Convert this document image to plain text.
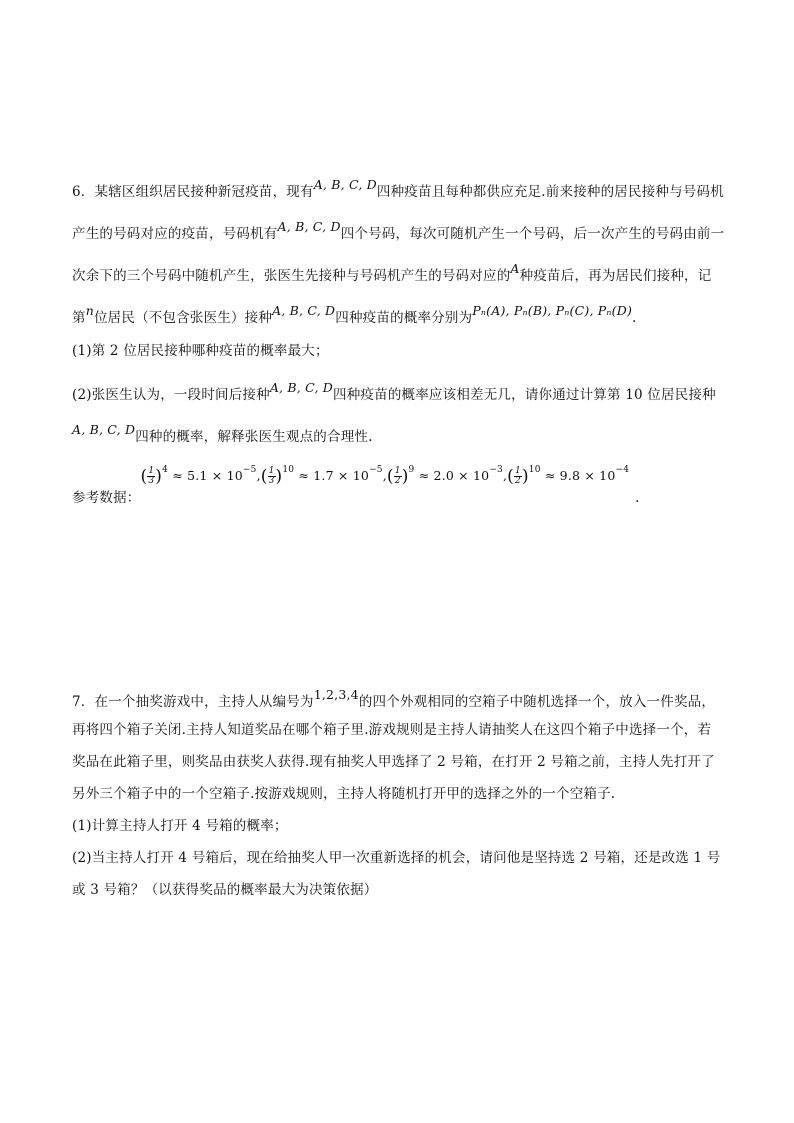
6．某辖区组织居民接种新冠疫苗，现有A, B, C, D四种疫苗且每种都供应充足.前来接种的居民接种与号码机
产生的号码对应的疫苗，号码机有A, B, C, D四个号码，每次可随机产生一个号码，后一次产生的号码由前一
次余下的三个号码中随机产生，张医生先接种与号码机产生的号码对应的A种疫苗后，再为居民们接种，记
第n位居民（不包含张医生）接种A, B, C, D四种疫苗的概率分别为Pₙ(A), Pₙ(B), Pₙ(C), Pₙ(D).
(1)第 2 位居民接种哪种疫苗的概率最大；
(2)张医生认为，一段时间后接种A, B, C, D四种疫苗的概率应该相差无几，请你通过计算第 10 位居民接种
A, B, C, D四种的概率，解释张医生观点的合理性.
参考数据：( $\frac{1}{3} )^4 \approx 5.1 \times 10^{-5},( \frac{1}{3} )^{10} \approx 1.7 \times 10^{-5},( \frac{1}{2} )^9 \approx 2.0 \times 10^{-3},( \frac{1}{2} )^{10} \approx 9.8 \times 10^{-4}$.
7．在一个抽奖游戏中，主持人从编号为1,2,3,4的四个外观相同的空箱子中随机选择一个，放入一件奖品，
再将四个箱子关闭.主持人知道奖品在哪个箱子里.游戏规则是主持人请抽奖人在这四个箱子中选择一个，若
奖品在此箱子里，则奖品由获奖人获得.现有抽奖人甲选择了 2 号箱，在打开 2 号箱之前，主持人先打开了
另外三个箱子中的一个空箱子.按游戏规则，主持人将随机打开甲的选择之外的一个空箱子.
(1)计算主持人打开 4 号箱的概率；
(2)当主持人打开 4 号箱后，现在给抽奖人甲一次重新选择的机会，请问他是坚持选 2 号箱，还是改选 1 号
或 3 号箱？（以获得奖品的概率最大为决策依据）
